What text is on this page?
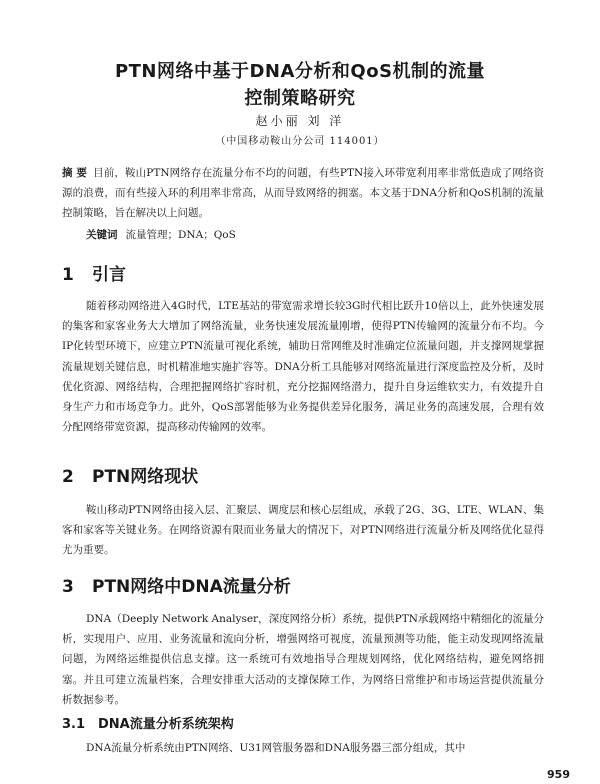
PTN网络中基于DNA分析和QoS机制的流量
控制策略研究
赵小丽 刘 洋
（中国移动鞍山分公司 114001）
摘 要 目前，鞍山PTN网络存在流量分布不均的问题，有些PTN接入环带宽利用率非常低造成了网络资源的浪费，而有些接入环的利用率非常高，从而导致网络的拥塞。本文基于DNA分析和QoS机制的流量控制策略，旨在解决以上问题。
关键词 流量管理；DNA；QoS
1 引言
随着移动网络进入4G时代，LTE基站的带宽需求增长较3G时代相比跃升10倍以上，此外快速发展的集客和家客业务大大增加了网络流量，业务快速发展流量刚增，使得PTN传输网的流量分布不均。今IP化转型环境下，应建立PTN流量可视化系统，辅助日常网维及时准确定位流量问题，并支撑网规掌握流量规划关键信息，时机精准地实施扩容等。DNA分析工具能够对网络流量进行深度监控及分析，及时优化资源、网络结构，合理把握网络扩容时机，充分挖掘网络潜力，提升自身运维软实力，有效提升自身生产力和市场竞争力。此外，QoS部署能够为业务提供差异化服务，满足业务的高速发展，合理有效分配网络带宽资源，提高移动传输网的效率。
2 PTN网络现状
鞍山移动PTN网络由接入层、汇聚层、调度层和核心层组成，承载了2G、3G、LTE、WLAN、集客和家客等关键业务。在网络资源有限而业务量大的情况下，对PTN网络进行流量分析及网络优化显得尤为重要。
3 PTN网络中DNA流量分析
DNA（Deeply Network Analyser，深度网络分析）系统，提供PTN承载网络中精细化的流量分析，实现用户、应用、业务流量和流向分析，增强网络可视度，流量预测等功能，能主动发现网络流量问题，为网络运维提供信息支撑。这一系统可有效地指导合理规划网络，优化网络结构，避免网络拥塞。并且可建立流量档案，合理安排重大活动的支撑保障工作，为网络日常维护和市场运营提供流量分析数据参考。
3.1 DNA流量分析系统架构
DNA流量分析系统由PTN网络、U31网管服务器和DNA服务器三部分组成，其中
959
